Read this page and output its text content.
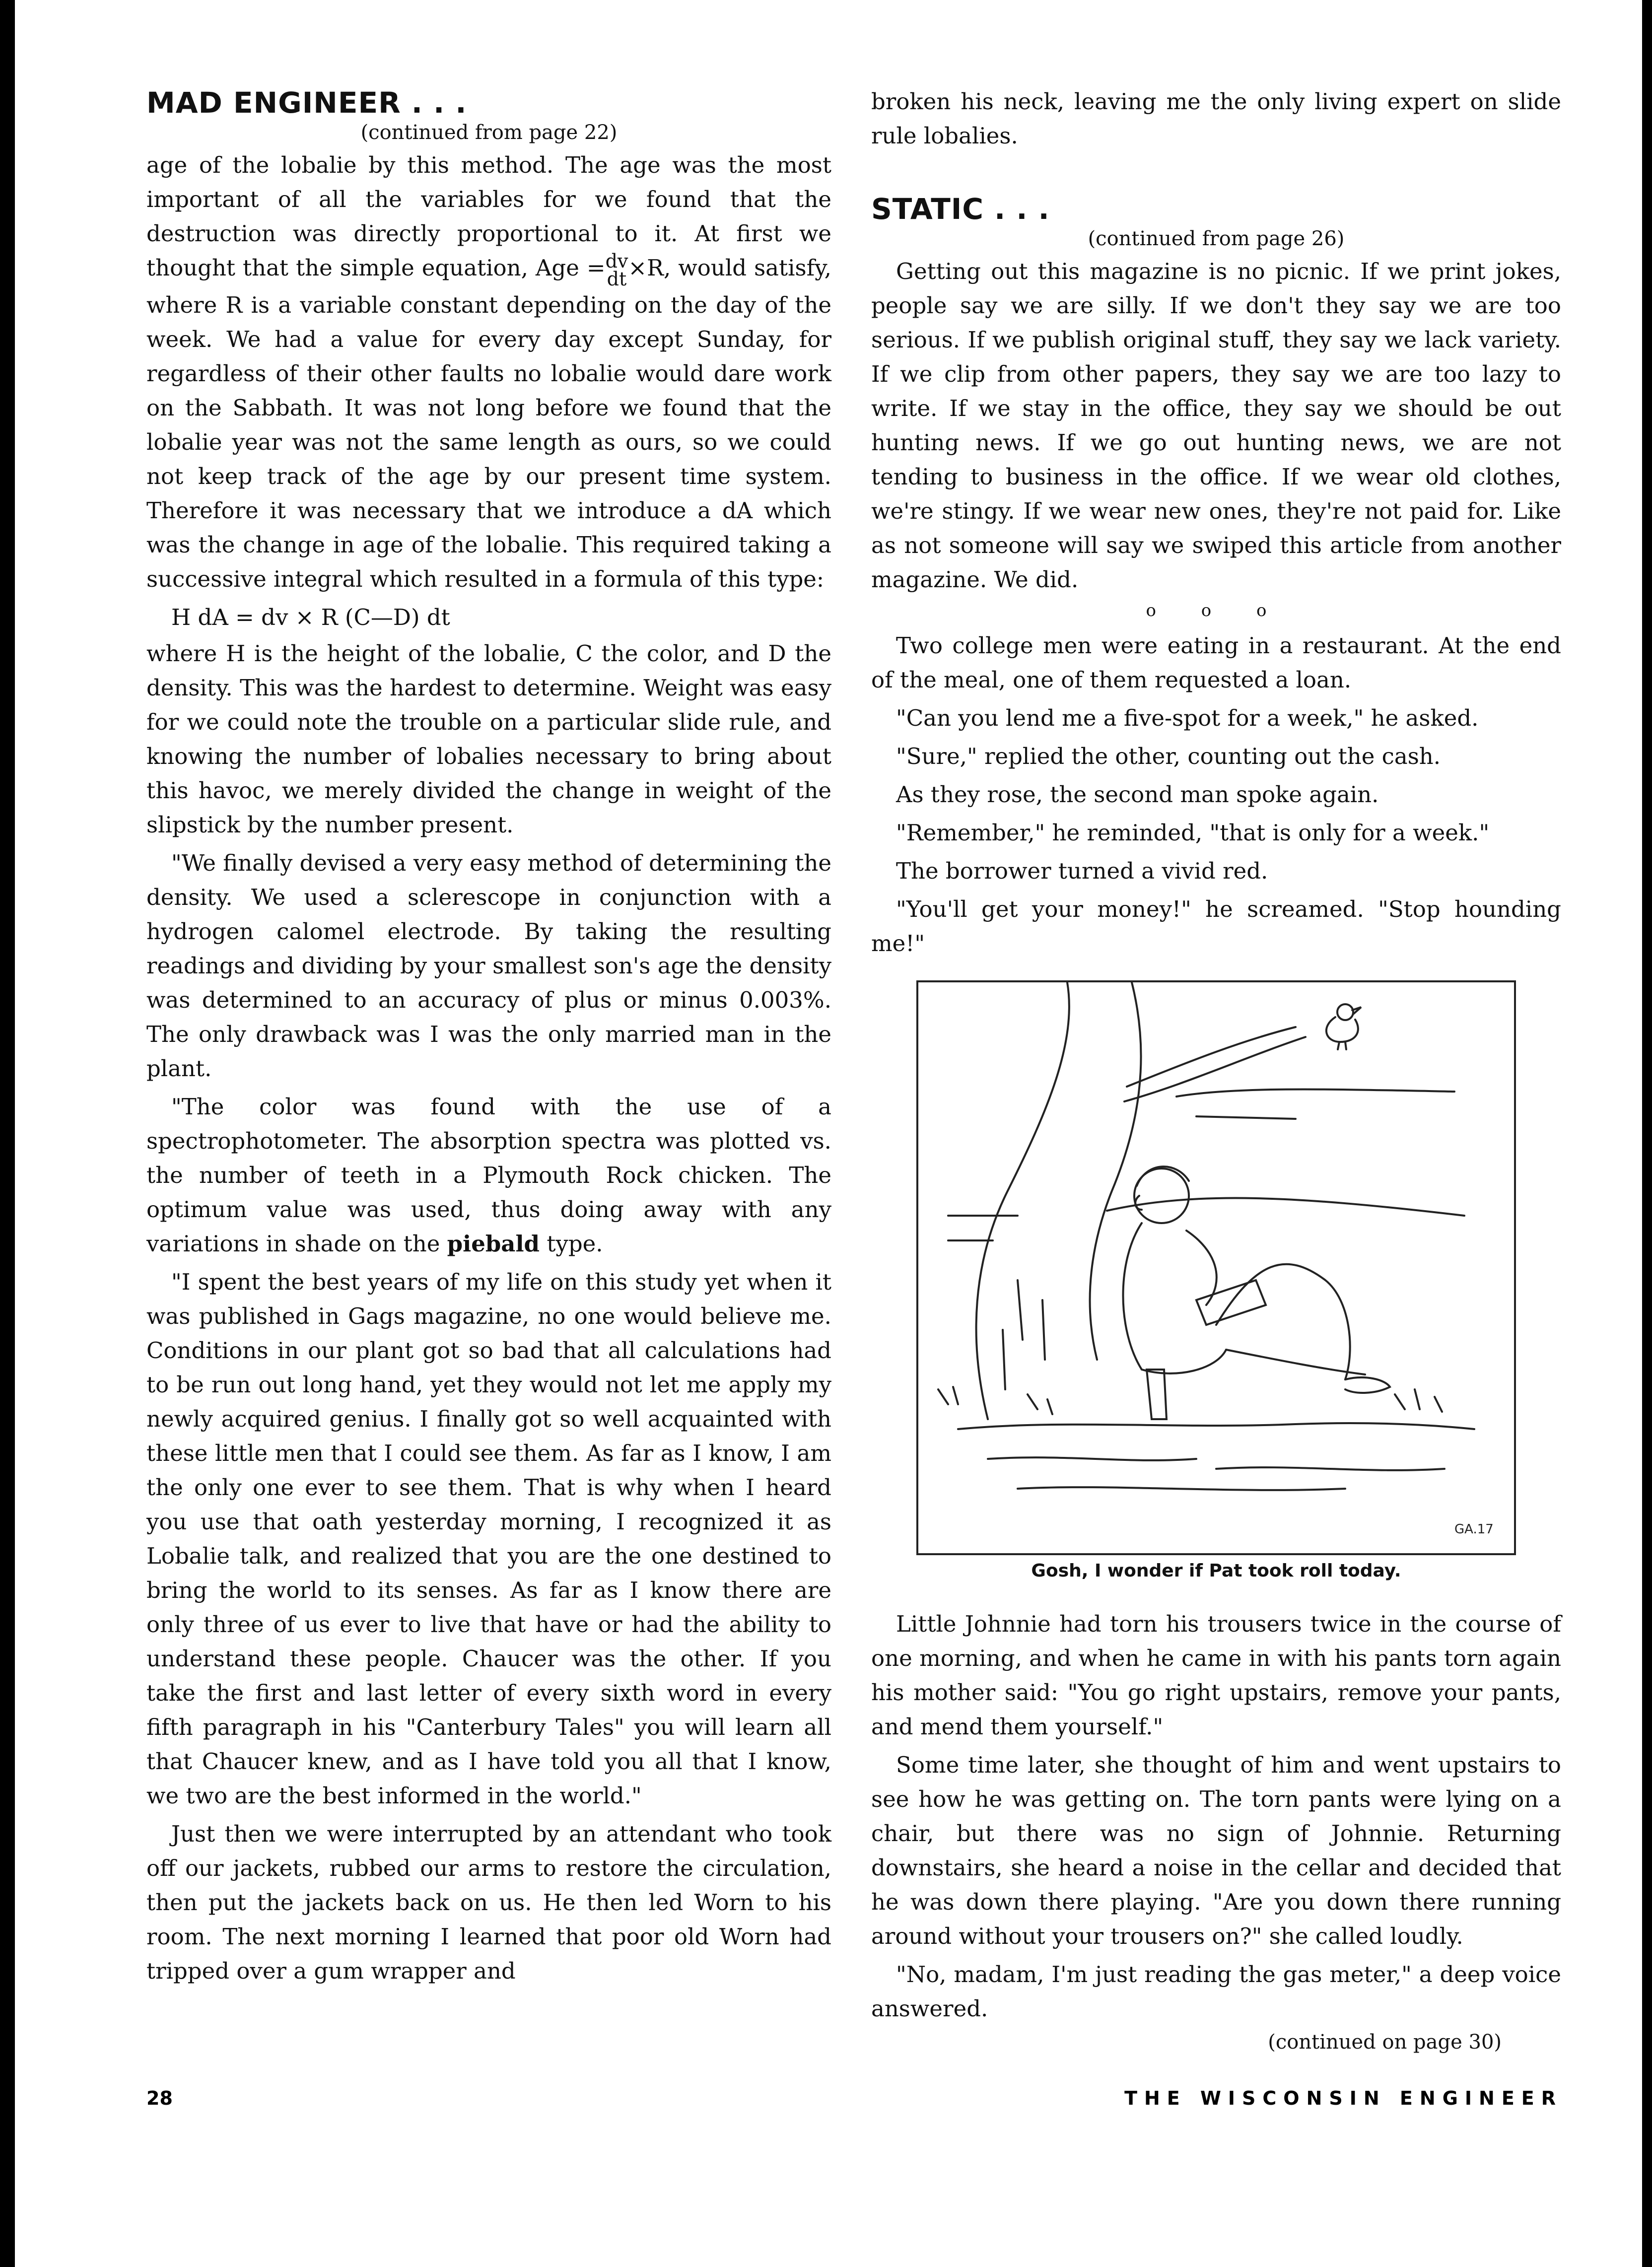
MAD ENGINEER . . .
(continued from page 22)

age of the lobalie by this method. The age was the most important of all the variables for we found that the destruction was directly proportional to it. At first we thought that the simple equation, Age = dv
dt ×R, would satisfy, where R is a variable constant depending on the day of the week. We had a value for every day except Sunday, for regardless of their other faults no lobalie would dare work on the Sabbath. It was not long before we found that the lobalie year was not the same length as ours, so we could not keep track of the age by our present time system. Therefore it was necessary that we introduce a dA which was the change in age of the lobalie. This required taking a successive integral which resulted in a formula of this type:

H dA = dv × R (C—D) dt

where H is the height of the lobalie, C the color, and D the density. This was the hardest to determine. Weight was easy for we could note the trouble on a particular slide rule, and knowing the number of lobalies necessary to bring about this havoc, we merely divided the change in weight of the slipstick by the number present.

"We finally devised a very easy method of determining the density. We used a sclerescope in conjunction with a hydrogen calomel electrode. By taking the resulting readings and dividing by your smallest son's age the density was determined to an accuracy of plus or minus 0.003%. The only drawback was I was the only married man in the plant.

"The color was found with the use of a spectrophotometer. The absorption spectra was plotted vs. the number of teeth in a Plymouth Rock chicken. The optimum value was used, thus doing away with any variations in shade on the piebald type.

"I spent the best years of my life on this study yet when it was published in Gags magazine, no one would believe me. Conditions in our plant got so bad that all calculations had to be run out long hand, yet they would not let me apply my newly acquired genius. I finally got so well acquainted with these little men that I could see them. As far as I know, I am the only one ever to see them. That is why when I heard you use that oath yesterday morning, I recognized it as Lobalie talk, and realized that you are the one destined to bring the world to its senses. As far as I know there are only three of us ever to live that have or had the ability to understand these people. Chaucer was the other. If you take the first and last letter of every sixth word in every fifth paragraph in his "Canterbury Tales" you will learn all that Chaucer knew, and as I have told you all that I know, we two are the best informed in the world."

Just then we were interrupted by an attendant who took off our jackets, rubbed our arms to restore the circulation, then put the jackets back on us. He then led Worn to his room. The next morning I learned that poor old Worn had tripped over a gum wrapper and

broken his neck, leaving me the only living expert on slide rule lobalies.

STATIC . . .
(continued from page 26)

Getting out this magazine is no picnic. If we print jokes, people say we are silly. If we don't they say we are too serious. If we publish original stuff, they say we lack variety. If we clip from other papers, they say we are too lazy to write. If we stay in the office, they say we should be out hunting news. If we go out hunting news, we are not tending to business in the office. If we wear old clothes, we're stingy. If we wear new ones, they're not paid for. Like as not someone will say we swiped this article from another magazine. We did.

o o o

Two college men were eating in a restaurant. At the end of the meal, one of them requested a loan.

"Can you lend me a five-spot for a week," he asked.

"Sure," replied the other, counting out the cash.

As they rose, the second man spoke again.

"Remember," he reminded, "that is only for a week."

The borrower turned a vivid red.

"You'll get your money!" he screamed. "Stop hounding me!"

GA.17
Gosh, I wonder if Pat took roll today.

Little Johnnie had torn his trousers twice in the course of one morning, and when he came in with his pants torn again his mother said: "You go right upstairs, remove your pants, and mend them yourself."

Some time later, she thought of him and went upstairs to see how he was getting on. The torn pants were lying on a chair, but there was no sign of Johnnie. Returning downstairs, she heard a noise in the cellar and decided that he was down there playing. "Are you down there running around without your trousers on?" she called loudly.

"No, madam, I'm just reading the gas meter," a deep voice answered.

(continued on page 30)
28	THE WISCONSIN ENGINEER
